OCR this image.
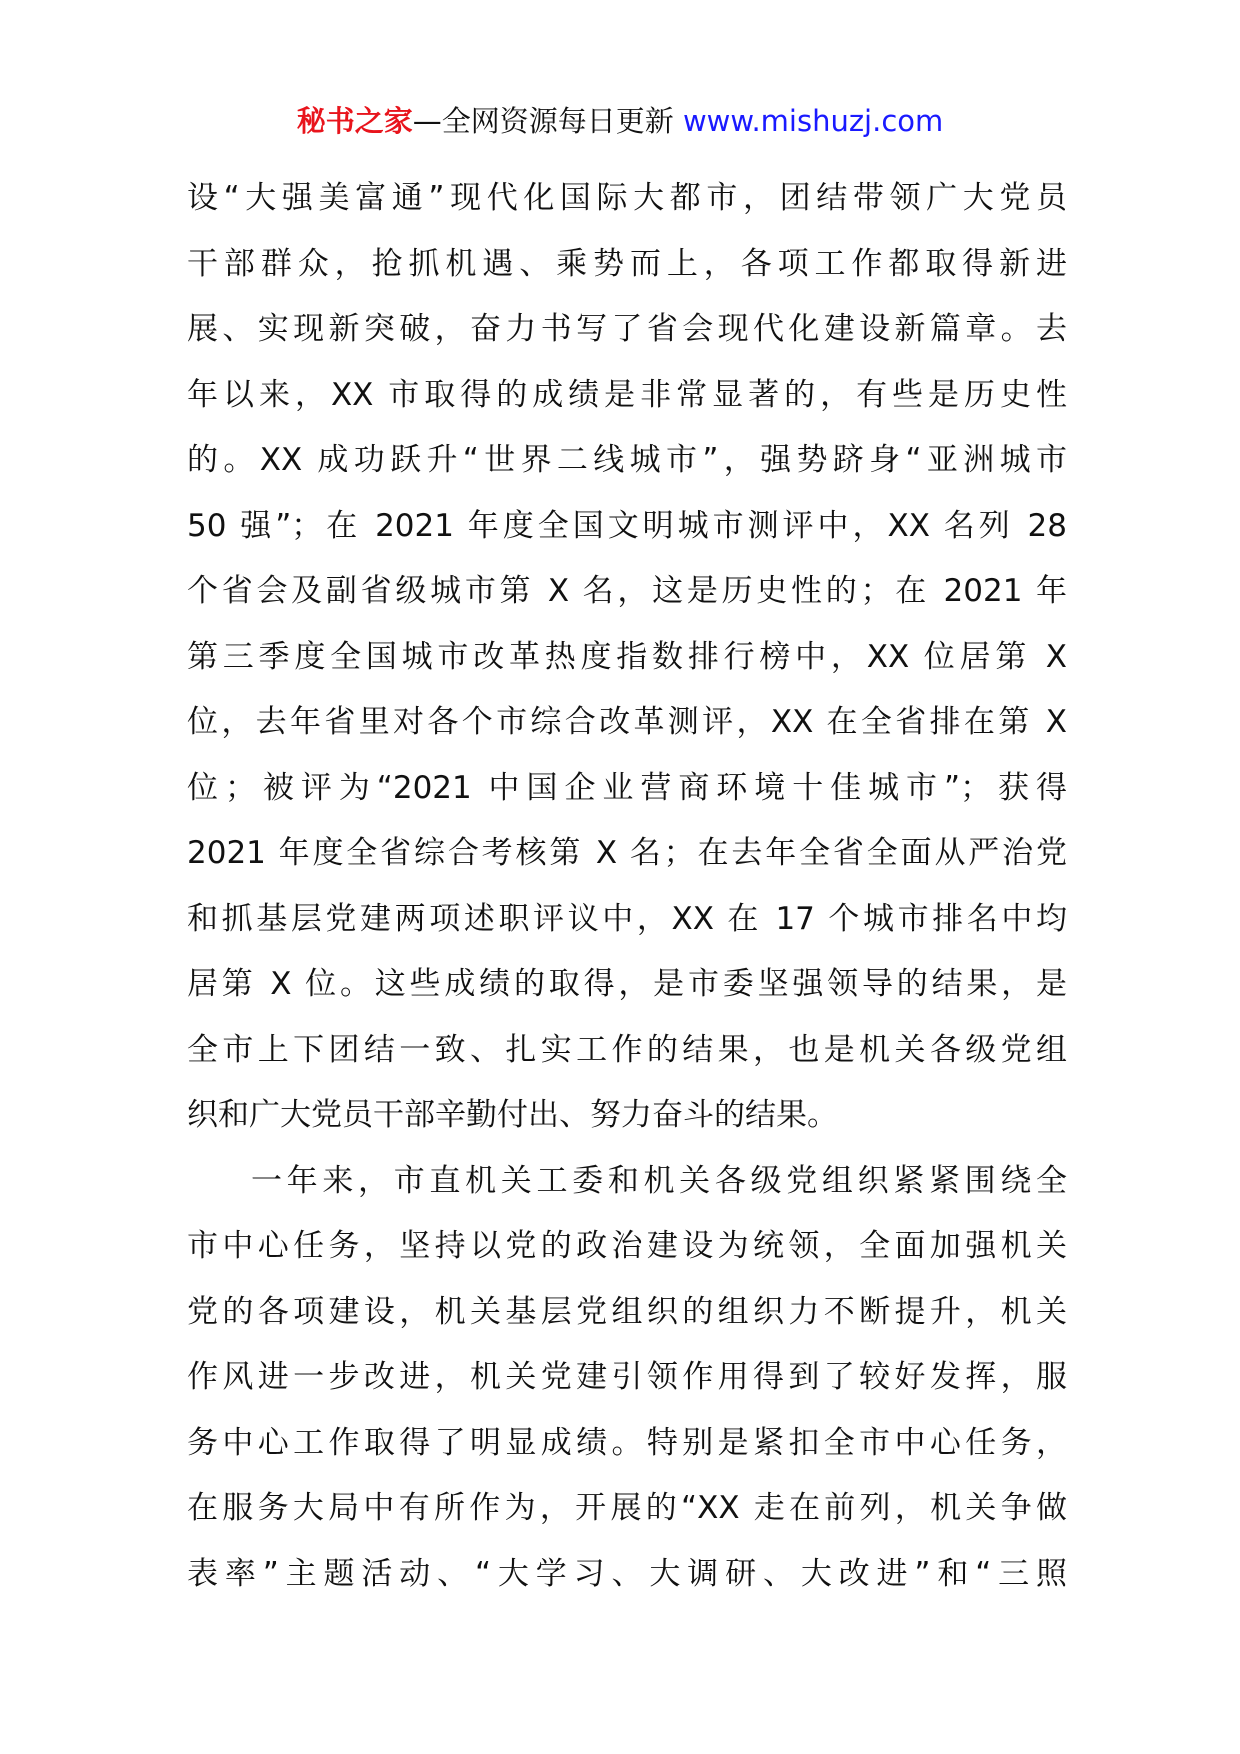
秘书之家—全网资源每日更新 www.mishuzj.com
设“大强美富通”现代化国际大都市，团结带领广大党员
干部群众，抢抓机遇、乘势而上，各项工作都取得新进
展、实现新突破，奋力书写了省会现代化建设新篇章。去
年以来，XX 市取得的成绩是非常显著的，有些是历史性
的。XX 成功跃升“世界二线城市”，强势跻身“亚洲城市
50 强”；在 2021 年度全国文明城市测评中，XX 名列 28
个省会及副省级城市第 X 名，这是历史性的；在 2021 年
第三季度全国城市改革热度指数排行榜中，XX 位居第 X
位，去年省里对各个市综合改革测评，XX 在全省排在第 X
位；被评为“2021 中国企业营商环境十佳城市”；获得
2021 年度全省综合考核第 X 名；在去年全省全面从严治党
和抓基层党建两项述职评议中，XX 在 17 个城市排名中均
居第 X 位。这些成绩的取得，是市委坚强领导的结果，是
全市上下团结一致、扎实工作的结果，也是机关各级党组
织和广大党员干部辛勤付出、努力奋斗的结果。
一年来，市直机关工委和机关各级党组织紧紧围绕全
市中心任务，坚持以党的政治建设为统领，全面加强机关
党的各项建设，机关基层党组织的组织力不断提升，机关
作风进一步改进，机关党建引领作用得到了较好发挥，服
务中心工作取得了明显成绩。特别是紧扣全市中心任务，
在服务大局中有所作为，开展的“XX 走在前列，机关争做
表率”主题活动、“大学习、大调研、大改进”和“三照
